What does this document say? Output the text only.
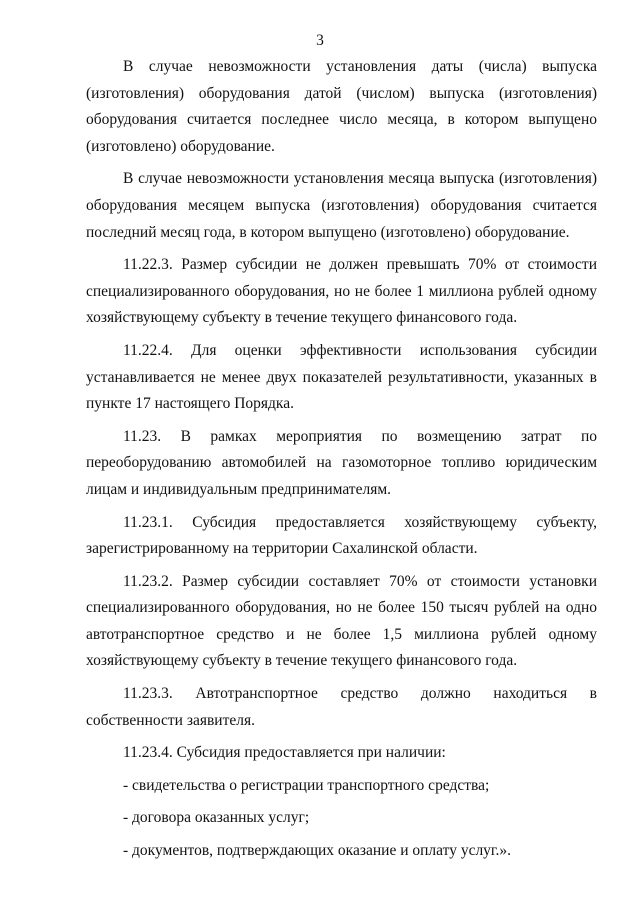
3

В случае невозможности установления даты (числа) выпуска (изготовления) оборудования датой (числом) выпуска (изготовления) оборудования считается последнее число месяца, в котором выпущено (изготовлено) оборудование.

В случае невозможности установления месяца выпуска (изготовления) оборудования месяцем выпуска (изготовления) оборудования считается последний месяц года, в котором выпущено (изготовлено) оборудование.

11.22.3. Размер субсидии не должен превышать 70% от стоимости специализированного оборудования, но не более 1 миллиона рублей одному хозяйствующему субъекту в течение текущего финансового года.

11.22.4. Для оценки эффективности использования субсидии устанавливается не менее двух показателей результативности, указанных в пункте 17 настоящего Порядка.

11.23. В рамках мероприятия по возмещению затрат по переоборудованию автомобилей на газомоторное топливо юридическим лицам и индивидуальным предпринимателям.

11.23.1. Субсидия предоставляется хозяйствующему субъекту, зарегистрированному на территории Сахалинской области.

11.23.2. Размер субсидии составляет 70% от стоимости установки специализированного оборудования, но не более 150 тысяч рублей на одно автотранспортное средство и не более 1,5 миллиона рублей одному хозяйствующему субъекту в течение текущего финансового года.

11.23.3. Автотранспортное средство должно находиться в собственности заявителя.

11.23.4. Субсидия предоставляется при наличии:

- свидетельства о регистрации транспортного средства;

- договора оказанных услуг;

- документов, подтверждающих оказание и оплату услуг.».
